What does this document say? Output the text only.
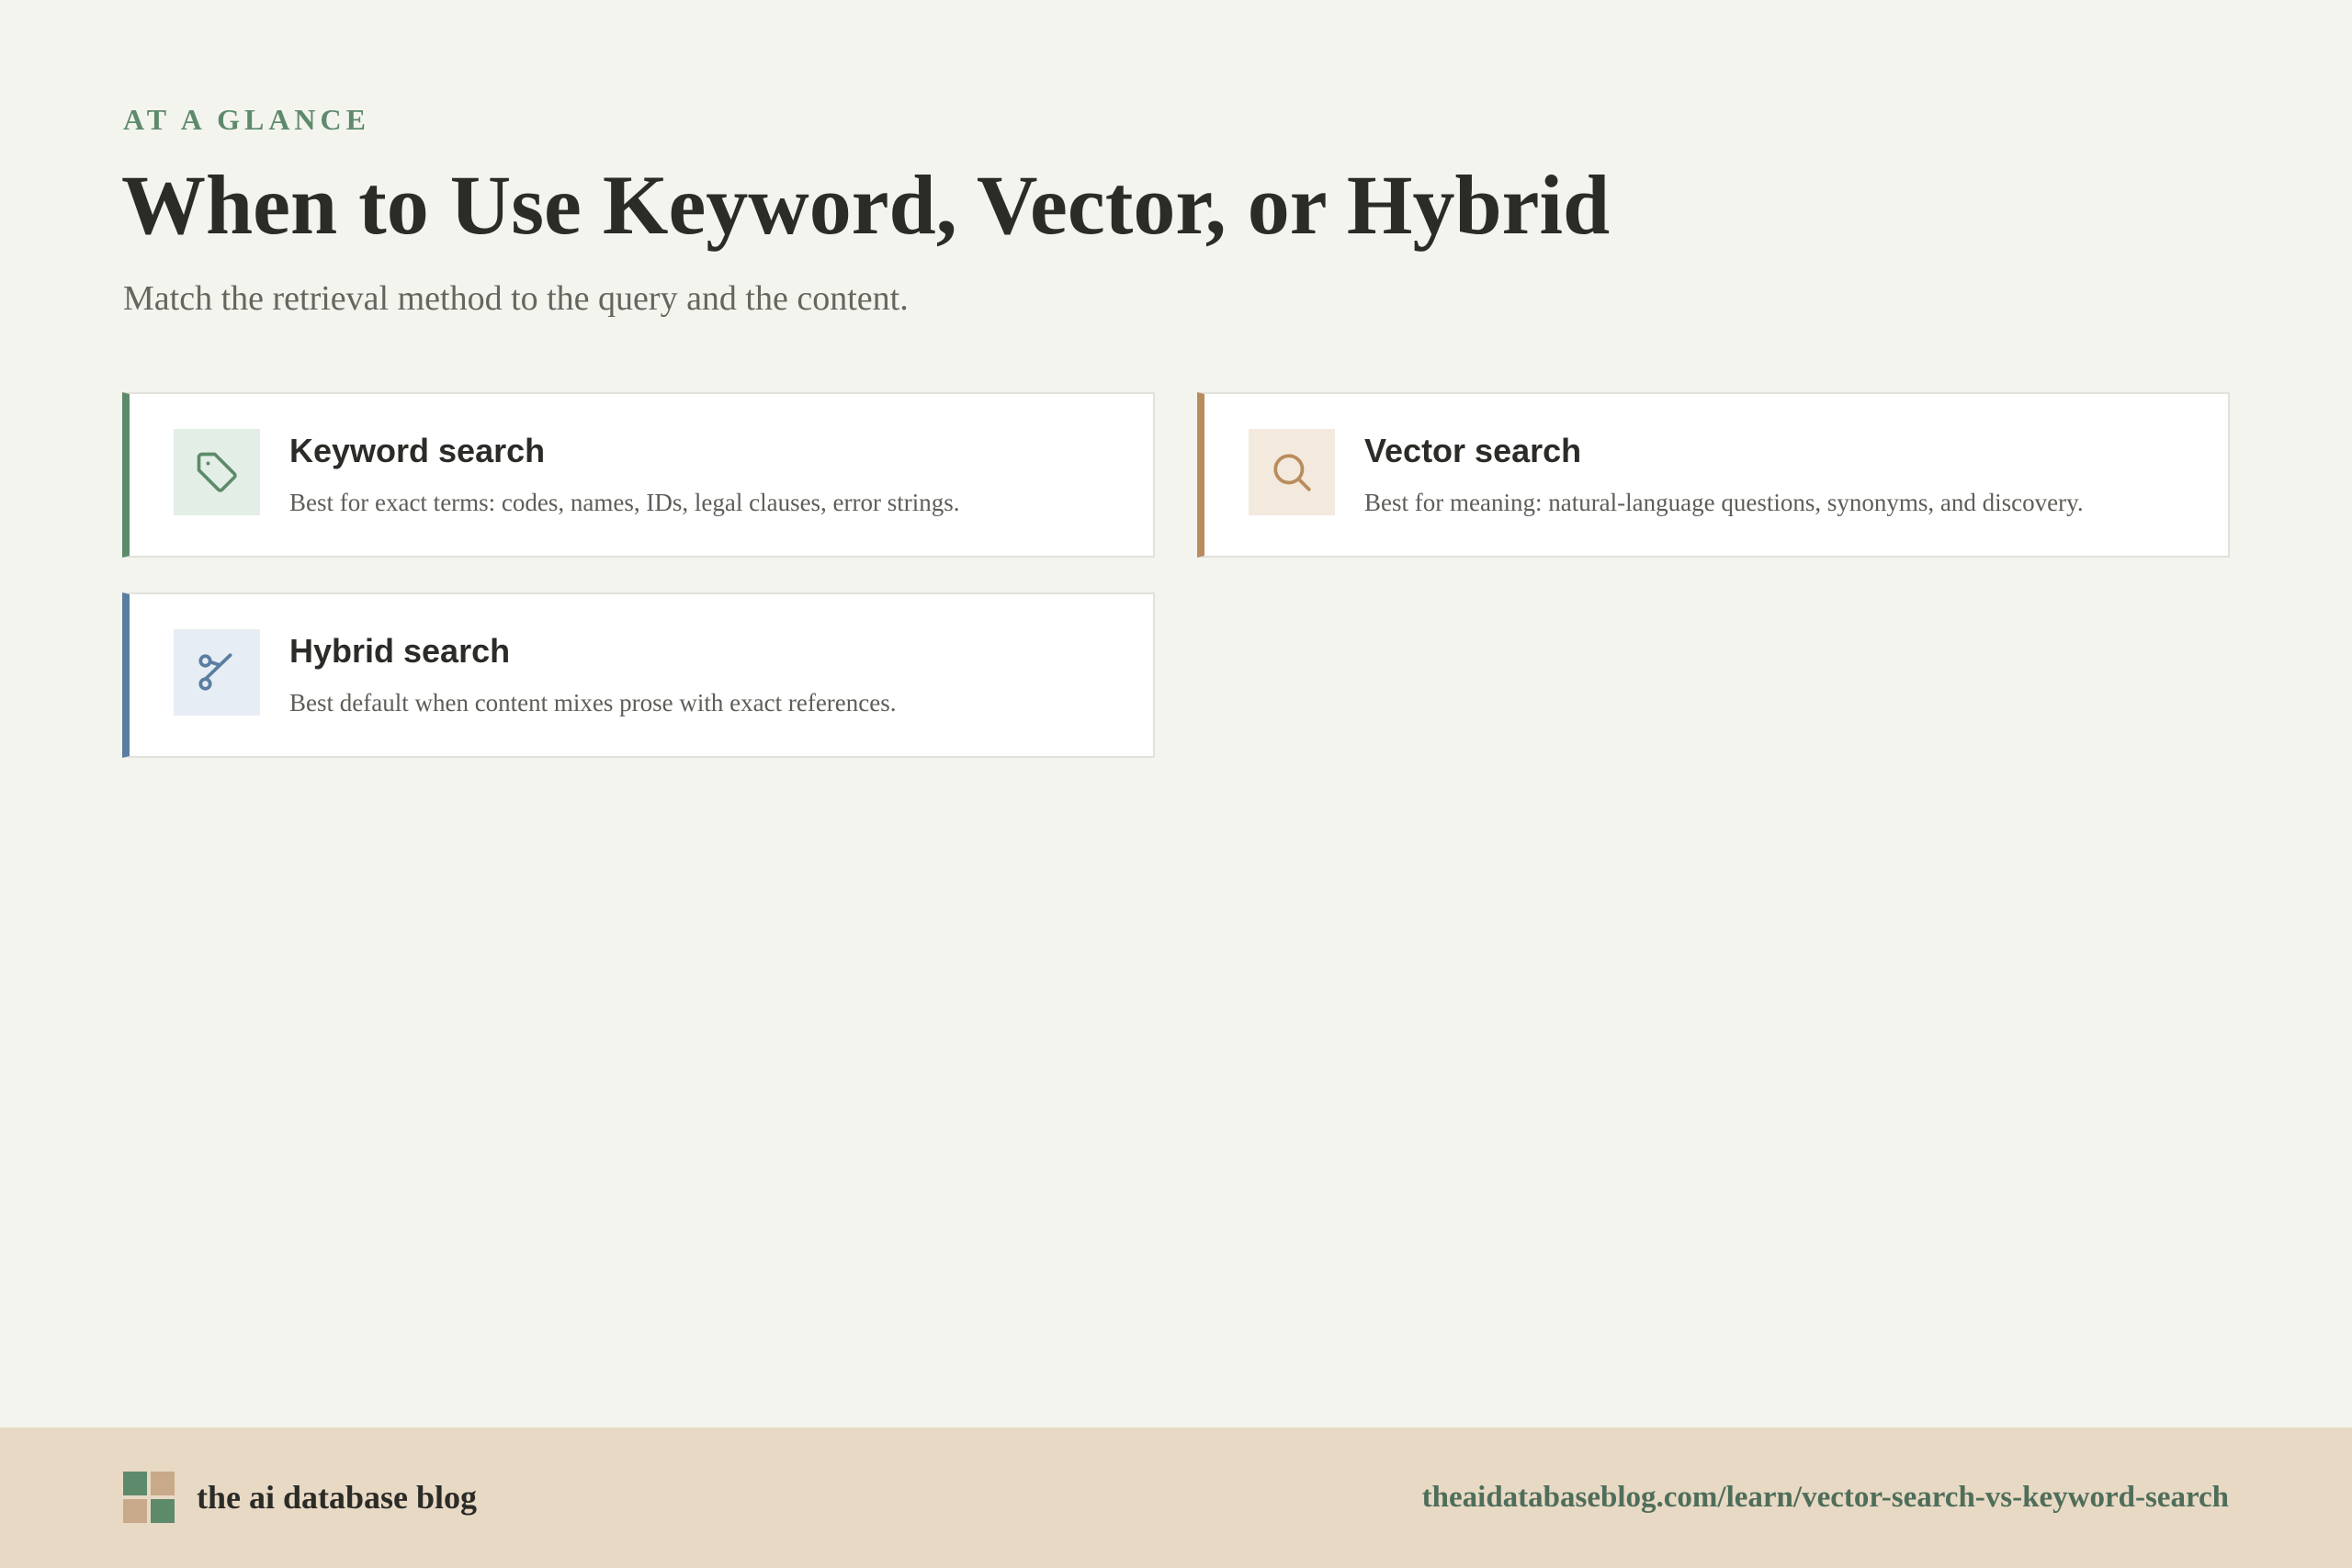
AT A GLANCE
When to Use Keyword, Vector, or Hybrid
Match the retrieval method to the query and the content.
Keyword search
Best for exact terms: codes, names, IDs, legal clauses, error strings.
Vector search
Best for meaning: natural-language questions, synonyms, and discovery.
Hybrid search
Best default when content mixes prose with exact references.
the ai database blog	theaidatabaseblog.com/learn/vector-search-vs-keyword-search
